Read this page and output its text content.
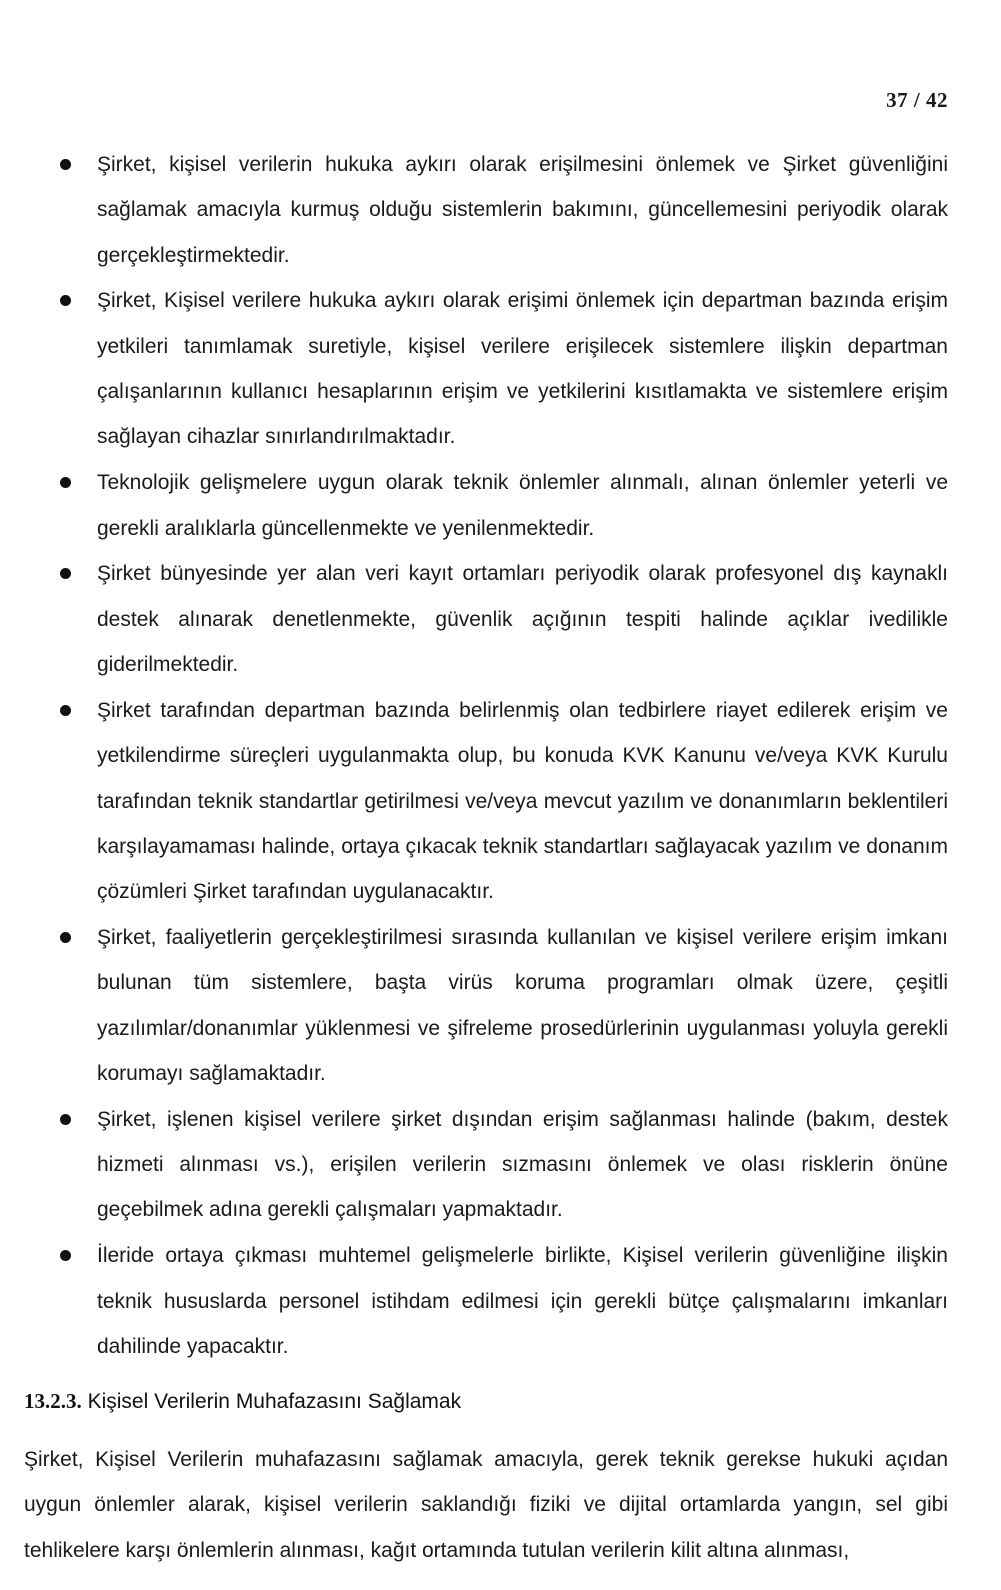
37 / 42
Şirket, kişisel verilerin hukuka aykırı olarak erişilmesini önlemek ve Şirket güvenliğini sağlamak amacıyla kurmuş olduğu sistemlerin bakımını, güncellemesini periyodik olarak gerçekleştirmektedir.
Şirket, Kişisel verilere hukuka aykırı olarak erişimi önlemek için departman bazında erişim yetkileri tanımlamak suretiyle, kişisel verilere erişilecek sistemlere ilişkin departman çalışanlarının kullanıcı hesaplarının erişim ve yetkilerini kısıtlamakta ve sistemlere erişim sağlayan cihazlar sınırlandırılmaktadır.
Teknolojik gelişmelere uygun olarak teknik önlemler alınmalı, alınan önlemler yeterli ve gerekli aralıklarla güncellenmekte ve yenilenmektedir.
Şirket bünyesinde yer alan veri kayıt ortamları periyodik olarak profesyonel dış kaynaklı destek alınarak denetlenmekte, güvenlik açığının tespiti halinde açıklar ivedilikle giderilmektedir.
Şirket tarafından departman bazında belirlenmiş olan tedbirlere riayet edilerek erişim ve yetkilendirme süreçleri uygulanmakta olup, bu konuda KVK Kanunu ve/veya KVK Kurulu tarafından teknik standartlar getirilmesi ve/veya mevcut yazılım ve donanımların beklentileri karşılayamaması halinde, ortaya çıkacak teknik standartları sağlayacak yazılım ve donanım çözümleri Şirket tarafından uygulanacaktır.
Şirket, faaliyetlerin gerçekleştirilmesi sırasında kullanılan ve kişisel verilere erişim imkanı bulunan tüm sistemlere, başta virüs koruma programları olmak üzere, çeşitli yazılımlar/donanımlar yüklenmesi ve şifreleme prosedürlerinin uygulanması yoluyla gerekli korumayı sağlamaktadır.
Şirket, işlenen kişisel verilere şirket dışından erişim sağlanması halinde (bakım, destek hizmeti alınması vs.), erişilen verilerin sızmasını önlemek ve olası risklerin önüne geçebilmek adına gerekli çalışmaları yapmaktadır.
İleride ortaya çıkması muhtemel gelişmelerle birlikte, Kişisel verilerin güvenliğine ilişkin teknik hususlarda personel istihdam edilmesi için gerekli bütçe çalışmalarını imkanları dahilinde yapacaktır.
13.2.3. Kişisel Verilerin Muhafazasını Sağlamak

Şirket, Kişisel Verilerin muhafazasını sağlamak amacıyla, gerek teknik gerekse hukuki açıdan uygun önlemler alarak, kişisel verilerin saklandığı fiziki ve dijital ortamlarda yangın, sel gibi tehlikelere karşı önlemlerin alınması, kağıt ortamında tutulan verilerin kilit altına alınması,
